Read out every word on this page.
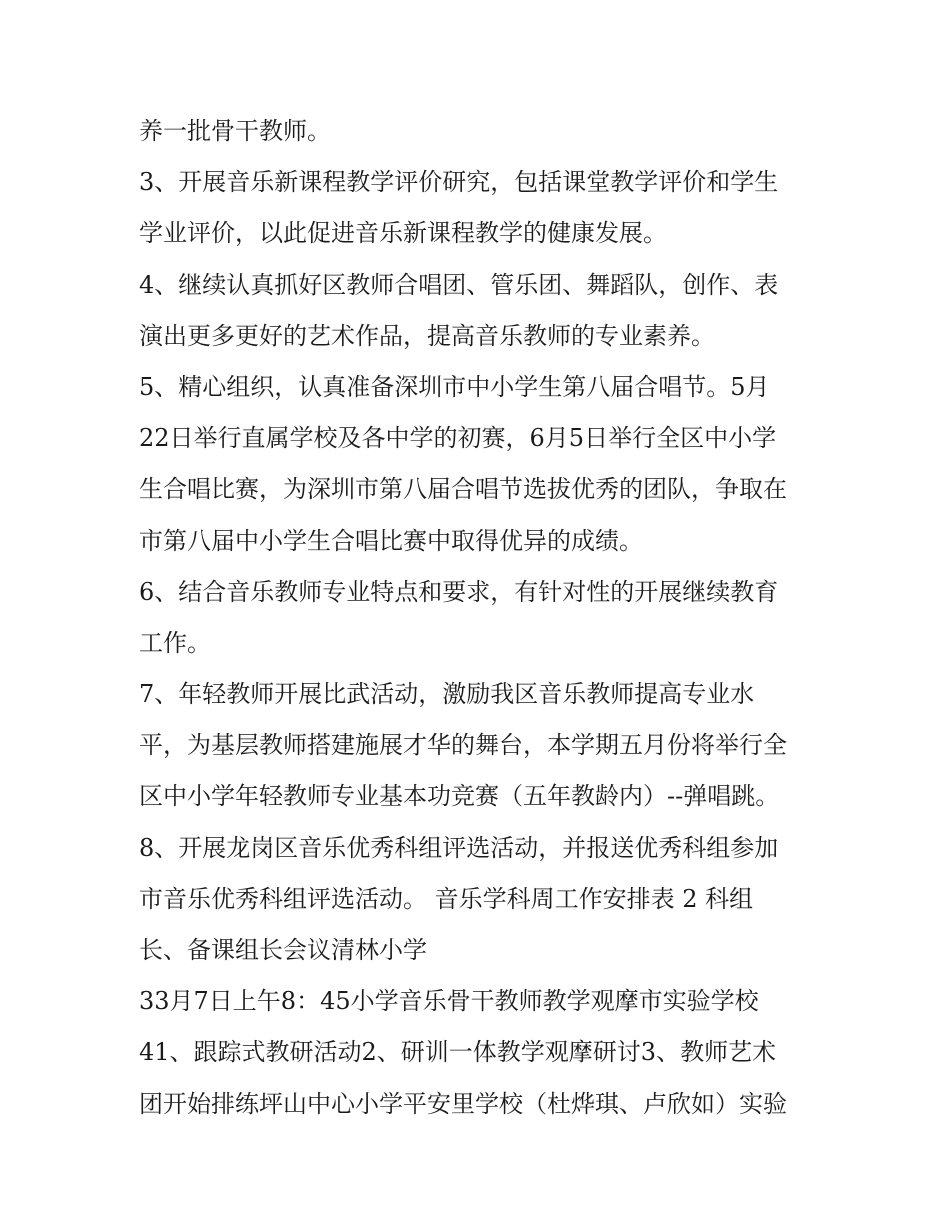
养一批骨干教师。

3、开展音乐新课程教学评价研究，包括课堂教学评价和学生

学业评价，以此促进音乐新课程教学的健康发展。

4、继续认真抓好区教师合唱团、管乐团、舞蹈队，创作、表

演出更多更好的艺术作品，提高音乐教师的专业素养。

5、精心组织，认真准备深圳市中小学生第八届合唱节。5月

22日举行直属学校及各中学的初赛，6月5日举行全区中小学

生合唱比赛，为深圳市第八届合唱节选拔优秀的团队，争取在

市第八届中小学生合唱比赛中取得优异的成绩。

6、结合音乐教师专业特点和要求，有针对性的开展继续教育

工作。

7、年轻教师开展比武活动，激励我区音乐教师提高专业水

平，为基层教师搭建施展才华的舞台，本学期五月份将举行全

区中小学年轻教师专业基本功竞赛（五年教龄内）--弹唱跳。

8、开展龙岗区音乐优秀科组评选活动，并报送优秀科组参加

市音乐优秀科组评选活动。 音乐学科周工作安排表 2 科组

长、备课组长会议清林小学

33月7日上午8：45小学音乐骨干教师教学观摩市实验学校

41、跟踪式教研活动2、研训一体教学观摩研讨3、教师艺术

团开始排练坪山中心小学平安里学校（杜烨琪、卢欣如）实验
